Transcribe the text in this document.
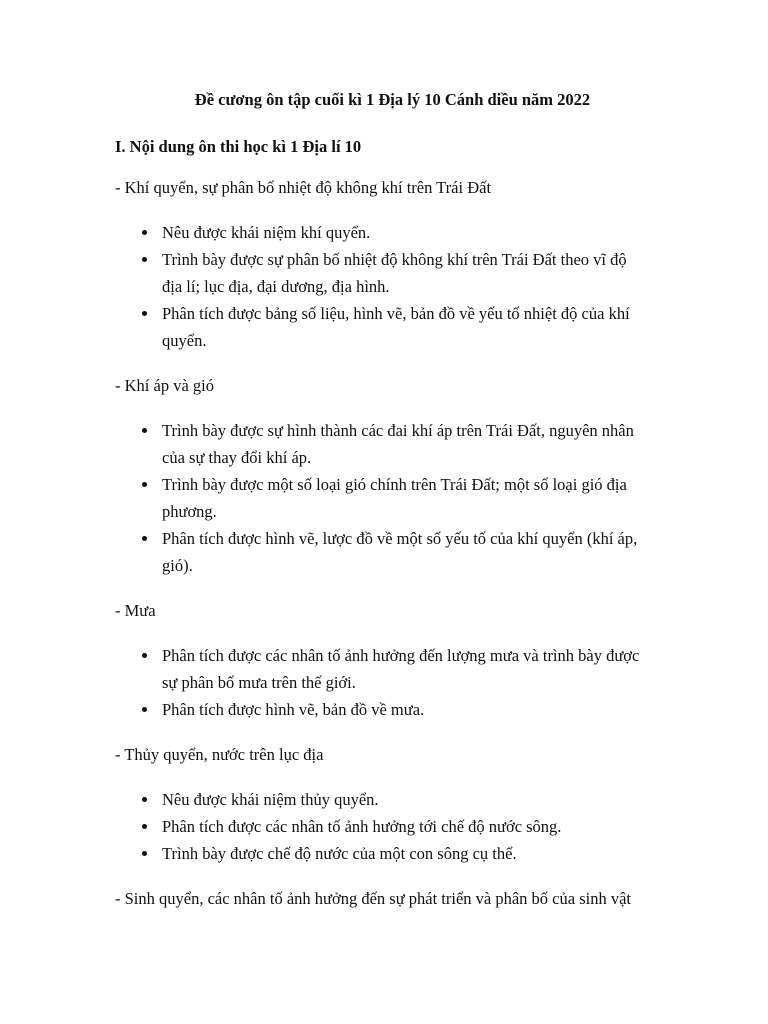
Đề cương ôn tập cuối kì 1 Địa lý 10 Cánh diều năm 2022
I. Nội dung ôn thi học kì 1 Địa lí 10
- Khí quyển, sự phân bố nhiệt độ không khí trên Trái Đất
Nêu được khái niệm khí quyển.
Trình bày được sự phân bố nhiệt độ không khí trên Trái Đất theo vĩ độ địa lí; lục địa, đại dương, địa hình.
Phân tích được bảng số liệu, hình vẽ, bản đồ về yếu tố nhiệt độ của khí quyển.
- Khí áp và gió
Trình bày được sự hình thành các đai khí áp trên Trái Đất, nguyên nhân của sự thay đổi khí áp.
Trình bày được một số loại gió chính trên Trái Đất; một số loại gió địa phương.
Phân tích được hình vẽ, lược đồ về một số yếu tố của khí quyển (khí áp, gió).
- Mưa
Phân tích được các nhân tố ảnh hưởng đến lượng mưa và trình bày được sự phân bố mưa trên thế giới.
Phân tích được hình vẽ, bản đồ về mưa.
- Thủy quyển, nước trên lục địa
Nêu được khái niệm thủy quyển.
Phân tích được các nhân tố ảnh hưởng tới chế độ nước sông.
Trình bày được chế độ nước của một con sông cụ thể.
- Sinh quyển, các nhân tố ảnh hưởng đến sự phát triển và phân bố của sinh vật
